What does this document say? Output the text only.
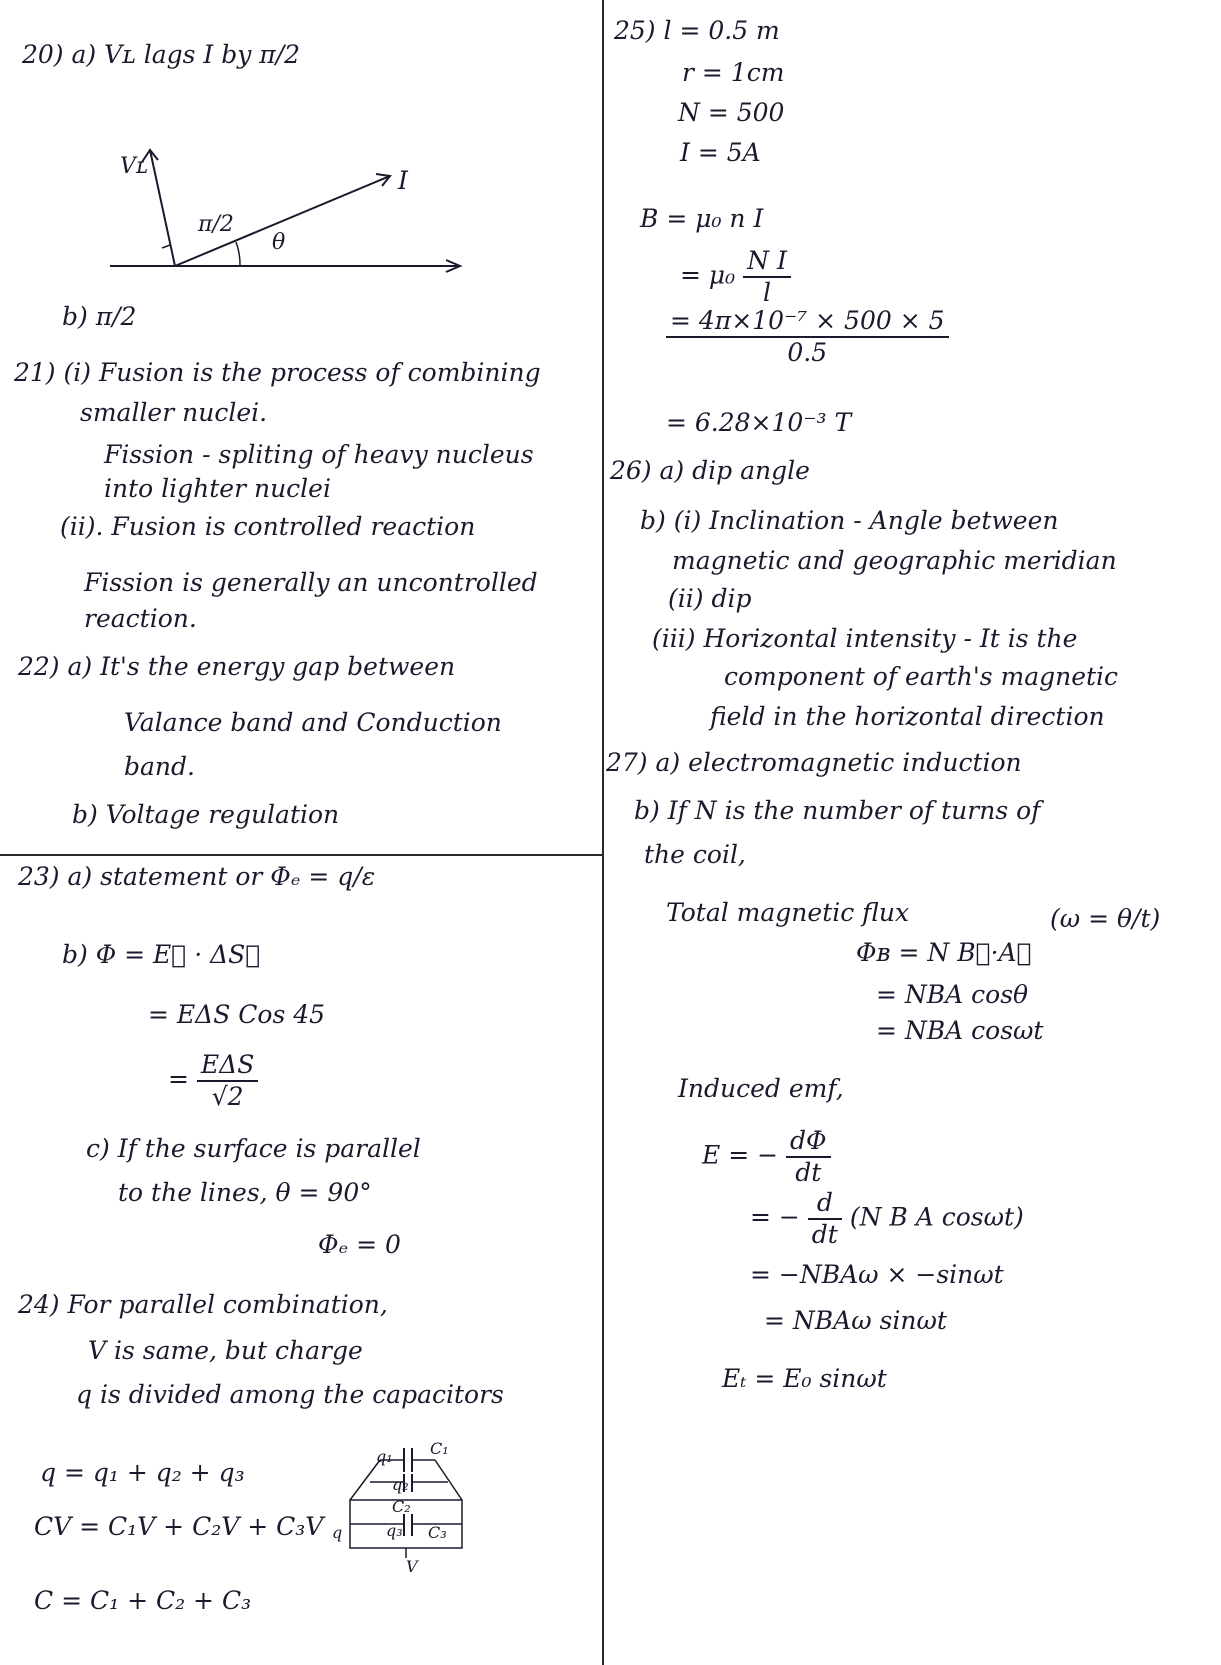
20) a) Vʟ lags I by π/2
Vʟ	I
π/2
θ
b) π/2
21) (i) Fusion is the process of combining
smaller nuclei.
Fission - spliting of heavy nucleus
into lighter nuclei
(ii). Fusion is controlled reaction
Fission is generally an uncontrolled
reaction.
22) a) It's the energy gap between
Valance band and Conduction
band.
b) Voltage regulation
23) a) statement or Φₑ = q/ε
b) Φ = E⃗ · ΔS⃗
= EΔS Cos 45
= $\frac{\text{EΔS}}{√2}$
c) If the surface is parallel
to the lines, θ = 90°
Φₑ = 0
24) For parallel combination,
V is same, but charge
q is divided among the capacitors
q = q₁ + q₂ + q₃
CV = C₁V + C₂V + C₃V
C = C₁ + C₂ + C₃
q₁ C₁
q₂
C₂
q₃ C₃
q
V
25) l = 0.5 m
r = 1cm
N = 500
I = 5A
B = μ₀ n I
= $\mu_0 \frac{\text{N I}}{l}$
$\frac{\text{= 4π×10⁻⁷ × 500 × 5}}{0.5}$
= 6.28×10⁻³ T
26) a) dip angle
b) (i) Inclination - Angle between
magnetic and geographic meridian
(ii) dip
(iii) Horizontal intensity - It is the
component of earth's magnetic
field in the horizontal direction
27) a) electromagnetic induction
b) If N is the number of turns of
the coil,
Total magnetic flux	(ω = θ/t)
Φʙ = N B⃗·A⃗
= NBA cosθ
= NBA cosωt
Induced emf,
E = − $\frac{d\Phi}{dt}$
= − $\frac{d}{dt} (N$ B A cosωt)
= −NBAω × −sinωt
= NBAω sinωt
Eₜ = E₀ sinωt
